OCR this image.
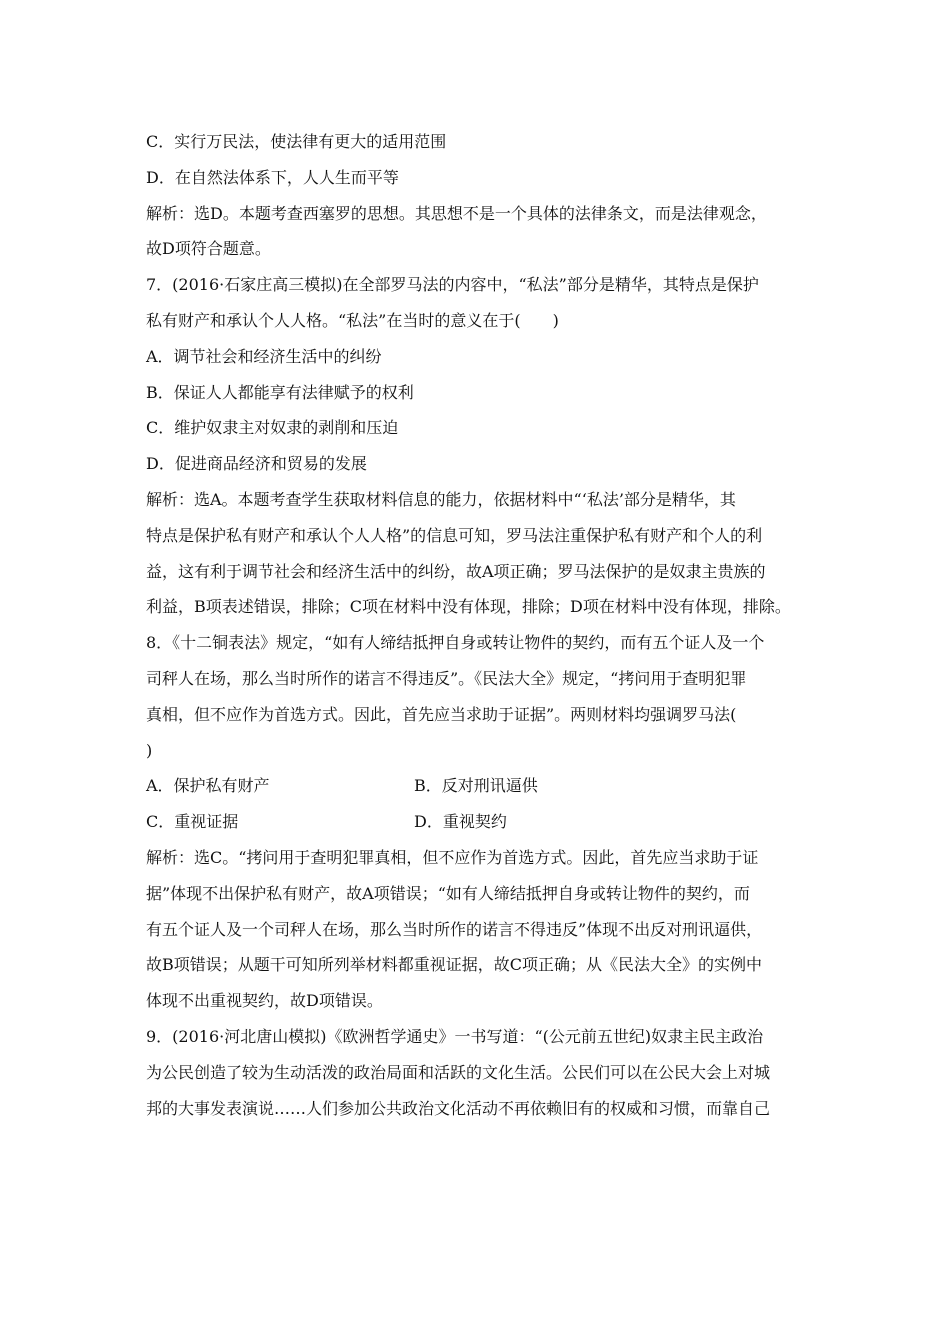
C．实行万民法，使法律有更大的适用范围
D．在自然法体系下，人人生而平等
解析：选D。本题考查西塞罗的思想。其思想不是一个具体的法律条文，而是法律观念，
故D项符合题意。
7．(2016·石家庄高三模拟)在全部罗马法的内容中，“私法”部分是精华，其特点是保护
私有财产和承认个人人格。“私法”在当时的意义在于(　　)
A．调节社会和经济生活中的纠纷
B．保证人人都能享有法律赋予的权利
C．维护奴隶主对奴隶的剥削和压迫
D．促进商品经济和贸易的发展
解析：选A。本题考查学生获取材料信息的能力，依据材料中“‘私法’部分是精华，其
特点是保护私有财产和承认个人人格”的信息可知，罗马法注重保护私有财产和个人的利
益，这有利于调节社会和经济生活中的纠纷，故A项正确；罗马法保护的是奴隶主贵族的
利益，B项表述错误，排除；C项在材料中没有体现，排除；D项在材料中没有体现，排除。
8．《十二铜表法》规定，“如有人缔结抵押自身或转让物件的契约，而有五个证人及一个
司秤人在场，那么当时所作的诺言不得违反”。《民法大全》规定，“拷问用于查明犯罪
真相，但不应作为首选方式。因此，首先应当求助于证据”。两则材料均强调罗马法(
)
A．保护私有财产	B．反对刑讯逼供
C．重视证据	D．重视契约
解析：选C。“拷问用于查明犯罪真相，但不应作为首选方式。因此，首先应当求助于证
据”体现不出保护私有财产，故A项错误；“如有人缔结抵押自身或转让物件的契约，而
有五个证人及一个司秤人在场，那么当时所作的诺言不得违反”体现不出反对刑讯逼供，
故B项错误；从题干可知所列举材料都重视证据，故C项正确；从《民法大全》的实例中
体现不出重视契约，故D项错误。
9．(2016·河北唐山模拟)《欧洲哲学通史》一书写道：“(公元前五世纪)奴隶主民主政治
为公民创造了较为生动活泼的政治局面和活跃的文化生活。公民们可以在公民大会上对城
邦的大事发表演说……人们参加公共政治文化活动不再依赖旧有的权威和习惯，而靠自己
